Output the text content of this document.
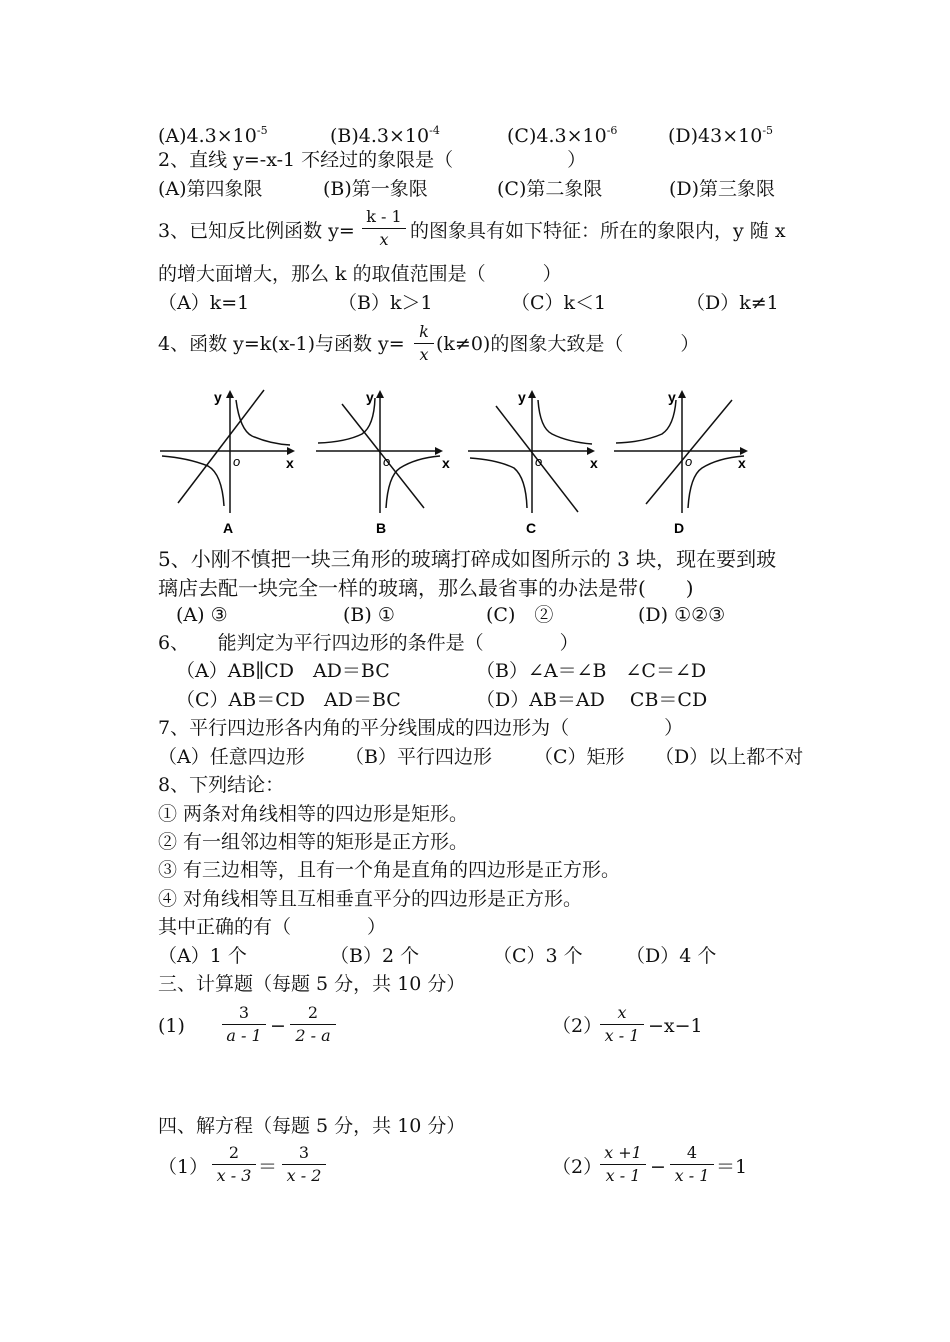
$(A)4.3\times 10^{-5}$	$(B)4.3\times 10^{-4}$	$(C)4.3\times 10^{-6}$	$(D)43\times 10^{-5}$
2、直线 y=-x-1 不经过的象限是（　　　　　　）
(A)第四象限	(B)第一象限	(C)第二象限	(D)第三象限
3、已知反比例函数 y=
k - 1
x	的图象具有如下特征：所在的象限内，y 随 x
的增大面增大，那么 k 的取值范围是（　　　）
（A）k=1	（B）k＞1	（C）k＜1	（D）k≠1
4、函数 y=k(x-1)与函数 y=
k
x (k≠0)的图象大致是（　　　）
y
x
o
A
y
x
o
B
y
x
o
C
y
x
o
D
5、小刚不慎把一块三角形的玻璃打碎成如图所示的 3 块，现在要到玻
璃店去配一块完全一样的玻璃，那么最省事的办法是带(　　)
(A) ③	(B) ①	(C)　②	(D) ①②③
6、　　能判定为平行四边形的条件是（　　　　）
（A）AB∥CD　AD＝BC	（B）∠A＝∠B　∠C＝∠D
（C）AB＝CD　AD＝BC	（D）AB＝AD　 CB＝CD
7、平行四边形各内角的平分线围成的四边形为（　　　　　）
（A）任意四边形 （B）平行四边形 （C）矩形 （D）以上都不对
8、下列结论：
① 两条对角线相等的四边形是矩形。
② 有一组邻边相等的矩形是正方形。
③ 有三边相等，且有一个角是直角的四边形是正方形。
④ 对角线相等且互相垂直平分的四边形是正方形。
其中正确的有（　　　　）
（A）1 个	（B）2 个	（C）3 个 （D）4 个
三、计算题（每题 5 分，共 10 分）
(1)
3
a - 1 −
2
2 - a	（2）
x
x - 1 −x−1
四、解方程（每题 5 分，共 10 分）
（1）
2
x - 3 ＝
3
x - 2	（2）
x +1
x - 1 −
4
x - 1 ＝1
